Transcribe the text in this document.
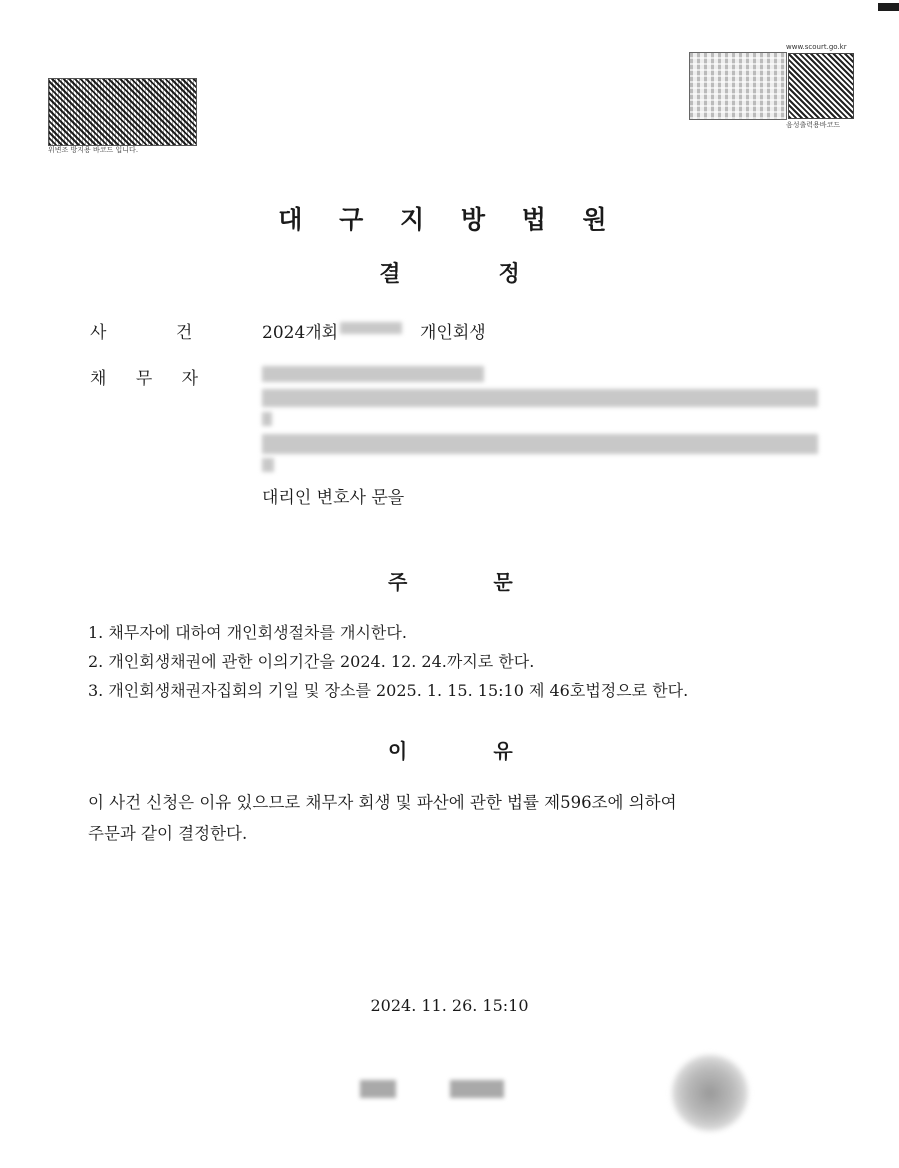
위변조 방지용 바코드 입니다.
www.scourt.go.kr
음성출력용바코드
대 구 지 방 법 원
결	정
사 건	2024개회	개인회생
채 무 자
대리인 변호사 문을
주	문
1. 채무자에 대하여 개인회생절차를 개시한다.
2. 개인회생채권에 관한 이의기간을 2024. 12. 24.까지로 한다.
3. 개인회생채권자집회의 기일 및 장소를 2025. 1. 15. 15:10 제 46호법정으로 한다.
이	유
이 사건 신청은 이유 있으므로 채무자 회생 및 파산에 관한 법률 제596조에 의하여
주문과 같이 결정한다.
2024. 11. 26. 15:10
